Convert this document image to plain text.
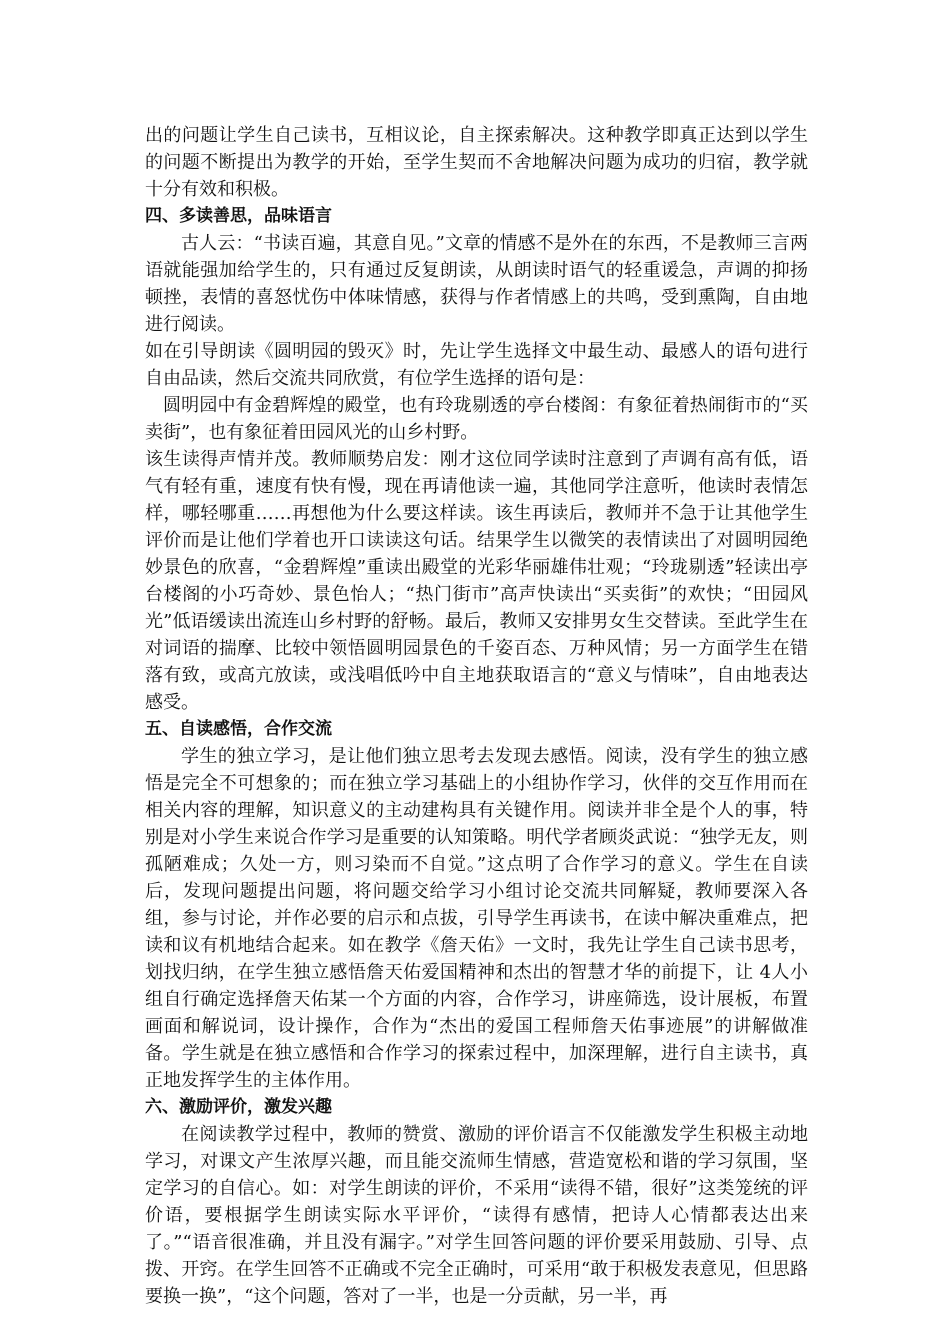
出的问题让学生自己读书，互相议论，自主探索解决。这种教学即真正达到以学生的问题不断提出为教学的开始，至学生契而不舍地解决问题为成功的归宿，教学就十分有效和积极。

四、多读善思，品味语言

古人云：“书读百遍，其意自见。”文章的情感不是外在的东西，不是教师三言两语就能强加给学生的，只有通过反复朗读，从朗读时语气的轻重谖急，声调的抑扬顿挫，表情的喜怒忧伤中体味情感，获得与作者情感上的共鸣，受到熏陶，自由地进行阅读。

如在引导朗读《圆明园的毁灭》时，先让学生选择文中最生动、最感人的语句进行自由品读，然后交流共同欣赏，有位学生选择的语句是：

圆明园中有金碧辉煌的殿堂，也有玲珑剔透的亭台楼阁：有象征着热闹街市的“买卖街”，也有象征着田园风光的山乡村野。

该生读得声情并茂。教师顺势启发：刚才这位同学读时注意到了声调有高有低，语气有轻有重，速度有快有慢，现在再请他读一遍，其他同学注意听，他读时表情怎样，哪轻哪重……再想他为什么要这样读。该生再读后，教师并不急于让其他学生评价而是让他们学着也开口读读这句话。结果学生以微笑的表情读出了对圆明园绝妙景色的欣喜，“金碧辉煌”重读出殿堂的光彩华丽雄伟壮观；“玲珑剔透”轻读出亭台楼阁的小巧奇妙、景色怡人；“热门街市”高声快读出“买卖街”的欢快；“田园风光”低语缓读出流连山乡村野的舒畅。最后，教师又安排男女生交替读。至此学生在对词语的揣摩、比较中领悟圆明园景色的千姿百态、万种风情；另一方面学生在错落有致，或高亢放读，或浅唱低吟中自主地获取语言的“意义与情味”，自由地表达感受。

五、自读感悟，合作交流

学生的独立学习，是让他们独立思考去发现去感悟。阅读，没有学生的独立感悟是完全不可想象的；而在独立学习基础上的小组协作学习，伙伴的交互作用而在相关内容的理解，知识意义的主动建构具有关键作用。阅读并非全是个人的事，特别是对小学生来说合作学习是重要的认知策略。明代学者顾炎武说：“独学无友，则孤陋难成；久处一方，则习染而不自觉。”这点明了合作学习的意义。学生在自读后，发现问题提出问题，将问题交给学习小组讨论交流共同解疑，教师要深入各组，参与讨论，并作必要的启示和点拔，引导学生再读书，在读中解决重难点，把读和议有机地结合起来。如在教学《詹天佑》一文时，我先让学生自己读书思考，划找归纳，在学生独立感悟詹天佑爱国精神和杰出的智慧才华的前提下，让 4人小组自行确定选择詹天佑某一个方面的内容，合作学习，讲座筛选，设计展板，布置画面和解说词，设计操作，合作为“杰出的爱国工程师詹天佑事迹展”的讲解做准备。学生就是在独立感悟和合作学习的探索过程中，加深理解，进行自主读书，真正地发挥学生的主体作用。

六、激励评价，激发兴趣

在阅读教学过程中，教师的赞赏、激励的评价语言不仅能激发学生积极主动地学习，对课文产生浓厚兴趣，而且能交流师生情感，营造宽松和谐的学习氛围，坚定学习的自信心。如：对学生朗读的评价，不采用“读得不错，很好”这类笼统的评价语，要根据学生朗读实际水平评价，“读得有感情，把诗人心情都表达出来了。”“语音很准确，并且没有漏字。”对学生回答问题的评价要采用鼓励、引导、点拨、开窍。在学生回答不正确或不完全正确时，可采用“敢于积极发表意见，但思路要换一换”，“这个问题，答对了一半，也是一分贡献，另一半，再
